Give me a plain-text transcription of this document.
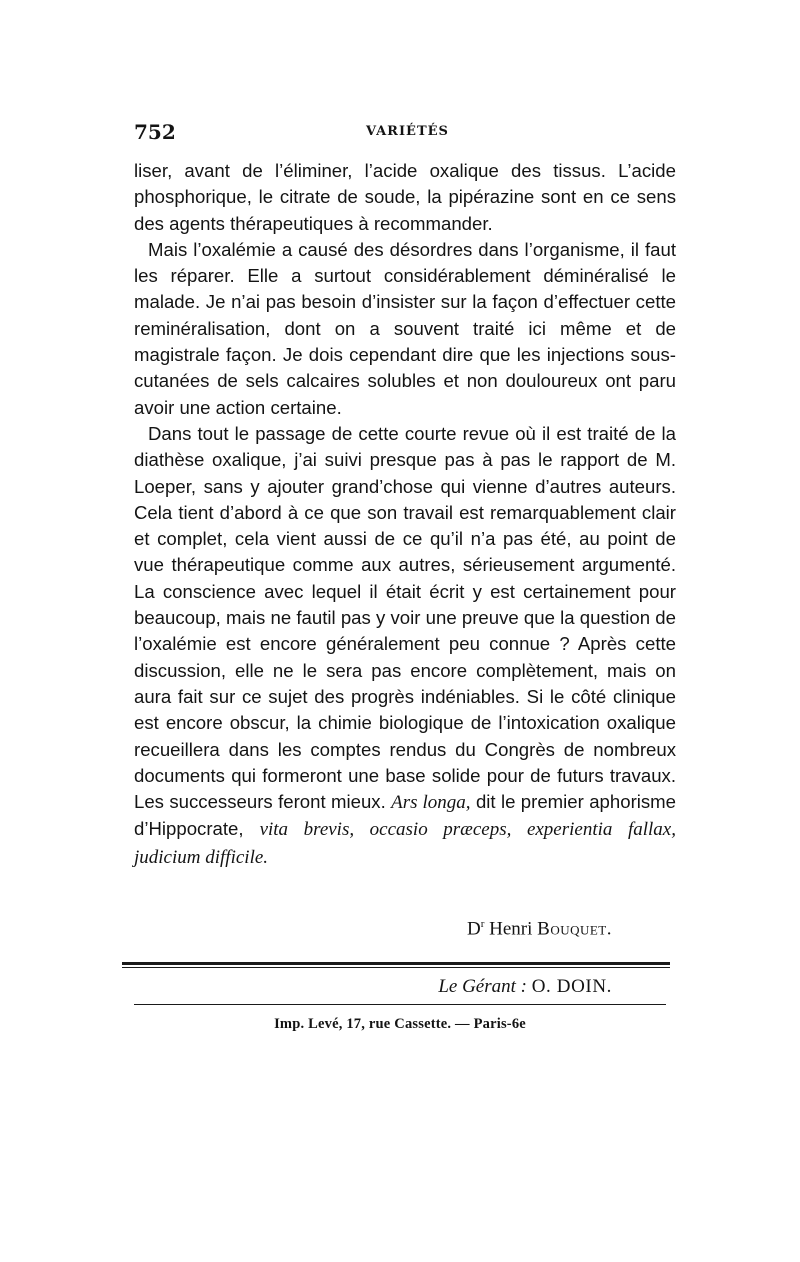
752	VARIÉTÉS

liser, avant de l’éliminer, l’acide oxalique des tissus. L’acide phosphorique, le citrate de soude, la pipérazine sont en ce sens des agents thérapeutiques à recommander.

Mais l’oxalémie a causé des désordres dans l’organisme, il faut les réparer. Elle a surtout considérablement déminéralisé le malade. Je n’ai pas besoin d’insister sur la façon d’effectuer cette reminéralisation, dont on a souvent traité ici même et de magistrale façon. Je dois cependant dire que les injections sous-cutanées de sels calcaires solubles et non douloureux ont paru avoir une action certaine.

Dans tout le passage de cette courte revue où il est traité de la diathèse oxalique, j’ai suivi presque pas à pas le rapport de M. Loeper, sans y ajouter grand’chose qui vienne d’autres auteurs. Cela tient d’abord à ce que son travail est remarquablement clair et complet, cela vient aussi de ce qu’il n’a pas été, au point de vue thérapeutique comme aux autres, sérieusement argumenté. La conscience avec lequel il était écrit y est certainement pour beaucoup, mais ne fautil pas y voir une preuve que la question de l’oxalémie est encore généralement peu connue ? Après cette discussion, elle ne le sera pas encore complètement, mais on aura fait sur ce sujet des progrès indéniables. Si le côté clinique est encore obscur, la chimie biologique de l’intoxication oxalique recueillera dans les comptes rendus du Congrès de nombreux documents qui formeront une base solide pour de futurs travaux. Les successeurs feront mieux. Ars longa, dit le premier aphorisme d’Hippocrate, vita brevis, occasio præceps, experientia fallax, judicium difficile.

$D^r$ Henri Bouquet.
Le Gérant : O. DOIN.
Imp. Levé, 17, rue Cassette. — Paris-6e
